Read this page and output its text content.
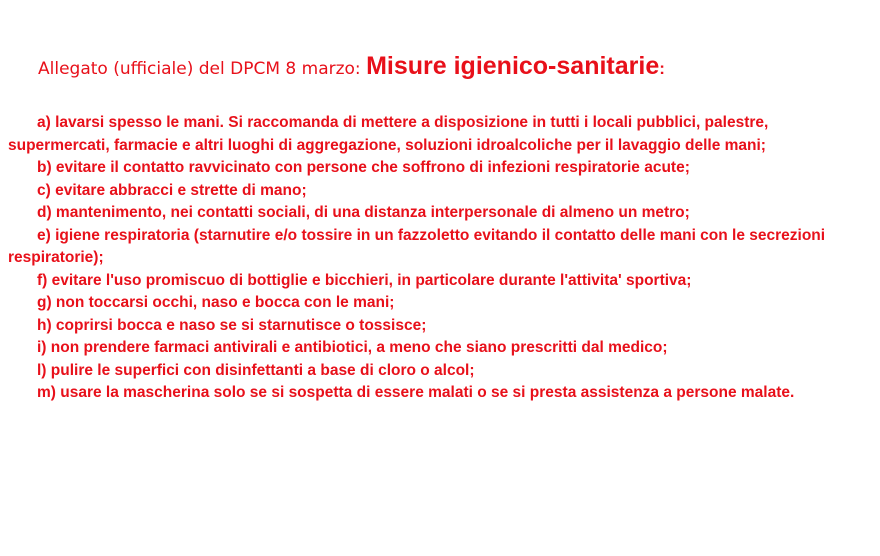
Allegato (ufficiale) del DPCM 8 marzo: Misure igienico-sanitarie:
a) lavarsi spesso le mani. Si raccomanda di mettere a disposizione in tutti i locali pubblici, palestre, supermercati, farmacie e altri luoghi di aggregazione, soluzioni idroalcoliche per il lavaggio delle mani;
b) evitare il contatto ravvicinato con persone che soffrono di infezioni respiratorie acute;
c) evitare abbracci e strette di mano;
d) mantenimento, nei contatti sociali, di una distanza interpersonale di almeno un metro;
e) igiene respiratoria (starnutire e/o tossire in un fazzoletto evitando il contatto delle mani con le secrezioni respiratorie);
f) evitare l'uso promiscuo di bottiglie e bicchieri, in particolare durante l'attivita' sportiva;
g) non toccarsi occhi, naso e bocca con le mani;
h) coprirsi bocca e naso se si starnutisce o tossisce;
i) non prendere farmaci antivirali e antibiotici, a meno che siano prescritti dal medico;
l) pulire le superfici con disinfettanti a base di cloro o alcol;
m) usare la mascherina solo se si sospetta di essere malati o se si presta assistenza a persone malate.
